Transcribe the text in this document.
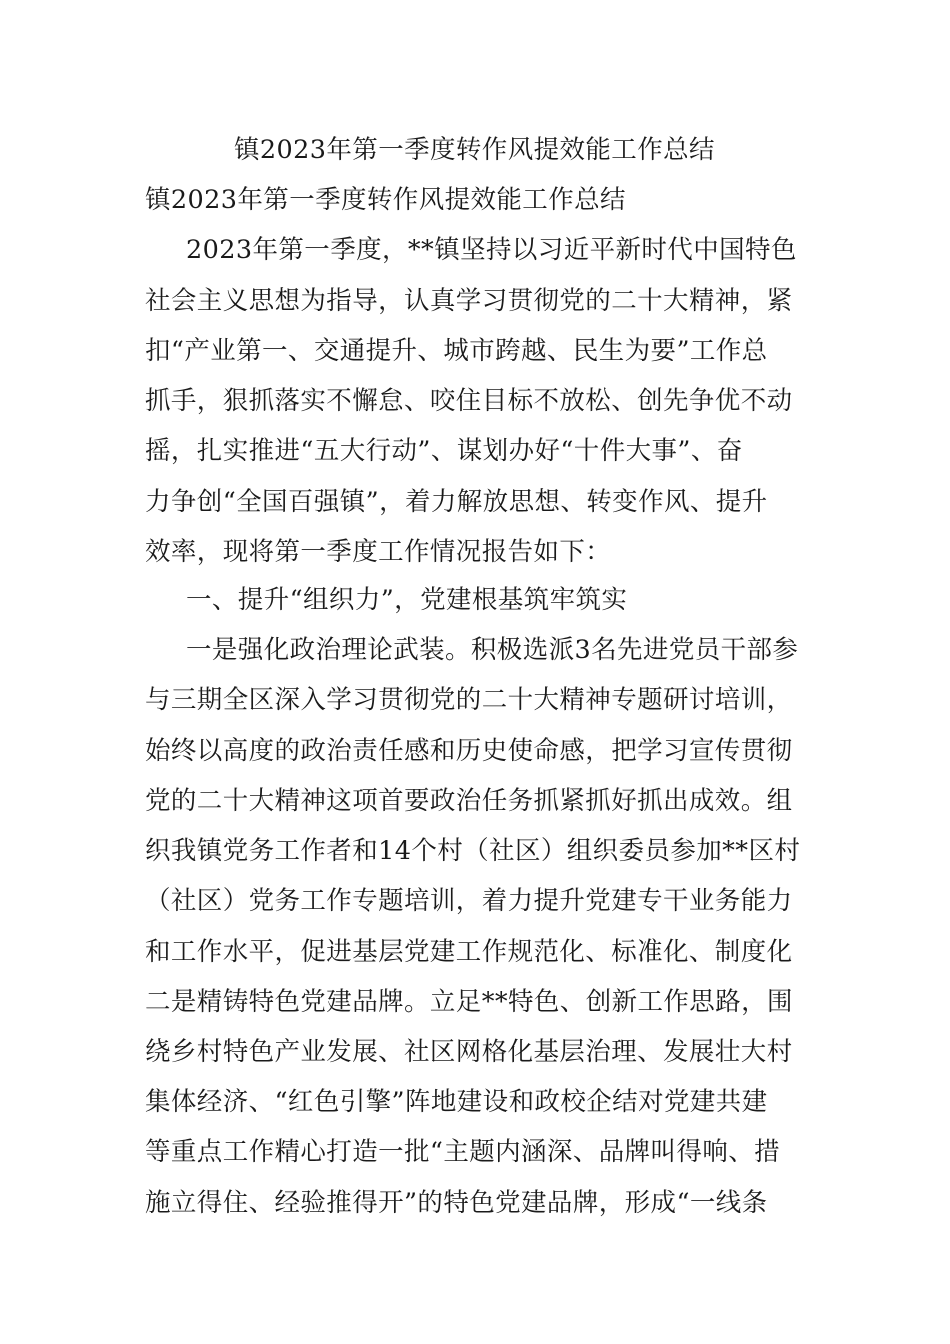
镇2023年第一季度转作风提效能工作总结
镇2023年第一季度转作风提效能工作总结
2023年第一季度，**镇坚持以习近平新时代中国特色
社会主义思想为指导，认真学习贯彻党的二十大精神，紧
扣“产业第一、交通提升、城市跨越、民生为要”工作总
抓手，狠抓落实不懈怠、咬住目标不放松、创先争优不动
摇，扎实推进“五大行动”、谋划办好“十件大事”、奋
力争创“全国百强镇”，着力解放思想、转变作风、提升
效率，现将第一季度工作情况报告如下：
一、提升“组织力”，党建根基筑牢筑实
一是强化政治理论武装。积极选派3名先进党员干部参
与三期全区深入学习贯彻党的二十大精神专题研讨培训，
始终以高度的政治责任感和历史使命感，把学习宣传贯彻
党的二十大精神这项首要政治任务抓紧抓好抓出成效。组
织我镇党务工作者和14个村（社区）组织委员参加**区村
（社区）党务工作专题培训，着力提升党建专干业务能力
和工作水平，促进基层党建工作规范化、标准化、制度化
二是精铸特色党建品牌。立足**特色、创新工作思路，围
绕乡村特色产业发展、社区网格化基层治理、发展壮大村
集体经济、“红色引擎”阵地建设和政校企结对党建共建
等重点工作精心打造一批“主题内涵深、品牌叫得响、措
施立得住、经验推得开”的特色党建品牌，形成“一线条
